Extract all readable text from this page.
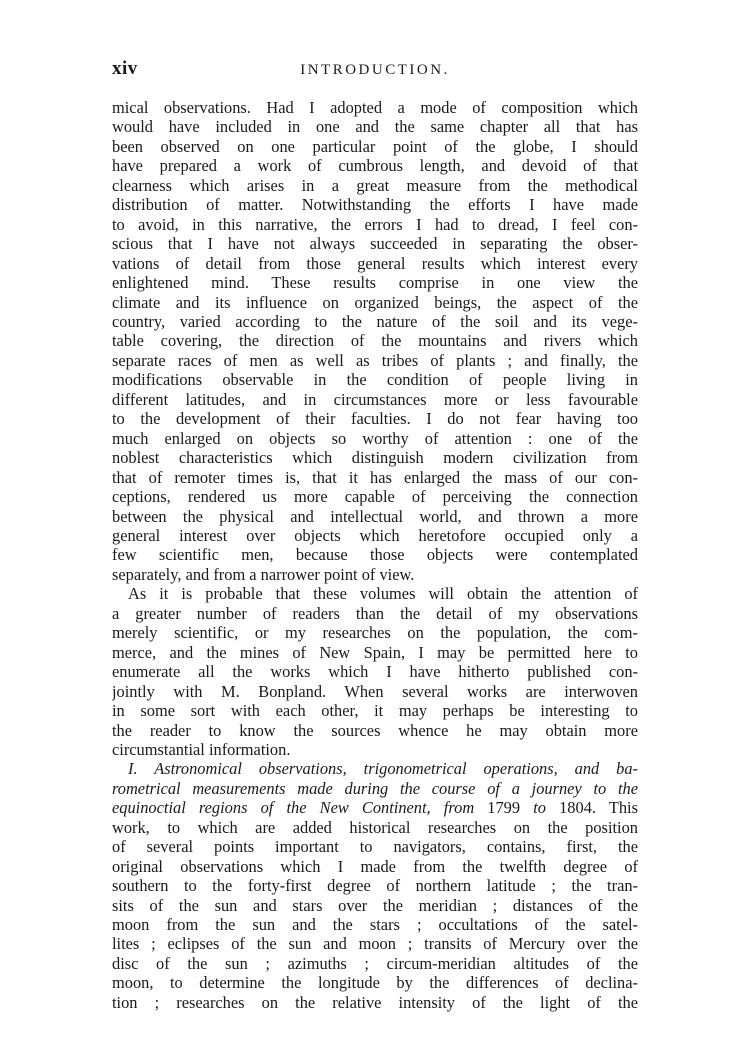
xiv	INTRODUCTION.
mical observations. Had I adopted a mode of composition which
would have included in one and the same chapter all that has
been observed on one particular point of the globe, I should
have prepared a work of cumbrous length, and devoid of that
clearness which arises in a great measure from the methodical
distribution of matter. Notwithstanding the efforts I have made
to avoid, in this narrative, the errors I had to dread, I feel con-
scious that I have not always succeeded in separating the obser-
vations of detail from those general results which interest every
enlightened mind. These results comprise in one view the
climate and its influence on organized beings, the aspect of the
country, varied according to the nature of the soil and its vege-
table covering, the direction of the mountains and rivers which
separate races of men as well as tribes of plants ; and finally, the
modifications observable in the condition of people living in
different latitudes, and in circumstances more or less favourable
to the development of their faculties. I do not fear having too
much enlarged on objects so worthy of attention : one of the
noblest characteristics which distinguish modern civilization from
that of remoter times is, that it has enlarged the mass of our con-
ceptions, rendered us more capable of perceiving the connection
between the physical and intellectual world, and thrown a more
general interest over objects which heretofore occupied only a
few scientific men, because those objects were contemplated
separately, and from a narrower point of view.
As it is probable that these volumes will obtain the attention of
a greater number of readers than the detail of my observations
merely scientific, or my researches on the population, the com-
merce, and the mines of New Spain, I may be permitted here to
enumerate all the works which I have hitherto published con-
jointly with M. Bonpland. When several works are interwoven
in some sort with each other, it may perhaps be interesting to
the reader to know the sources whence he may obtain more
circumstantial information.
I. Astronomical observations, trigonometrical operations, and ba-
rometrical measurements made during the course of a journey to the
equinoctial regions of the New Continent, from 1799 to 1804. This
work, to which are added historical researches on the position
of several points important to navigators, contains, first, the
original observations which I made from the twelfth degree of
southern to the forty-first degree of northern latitude ; the tran-
sits of the sun and stars over the meridian ; distances of the
moon from the sun and the stars ; occultations of the satel-
lites ; eclipses of the sun and moon ; transits of Mercury over the
disc of the sun ; azimuths ; circum-meridian altitudes of the
moon, to determine the longitude by the differences of declina-
tion ; researches on the relative intensity of the light of the
